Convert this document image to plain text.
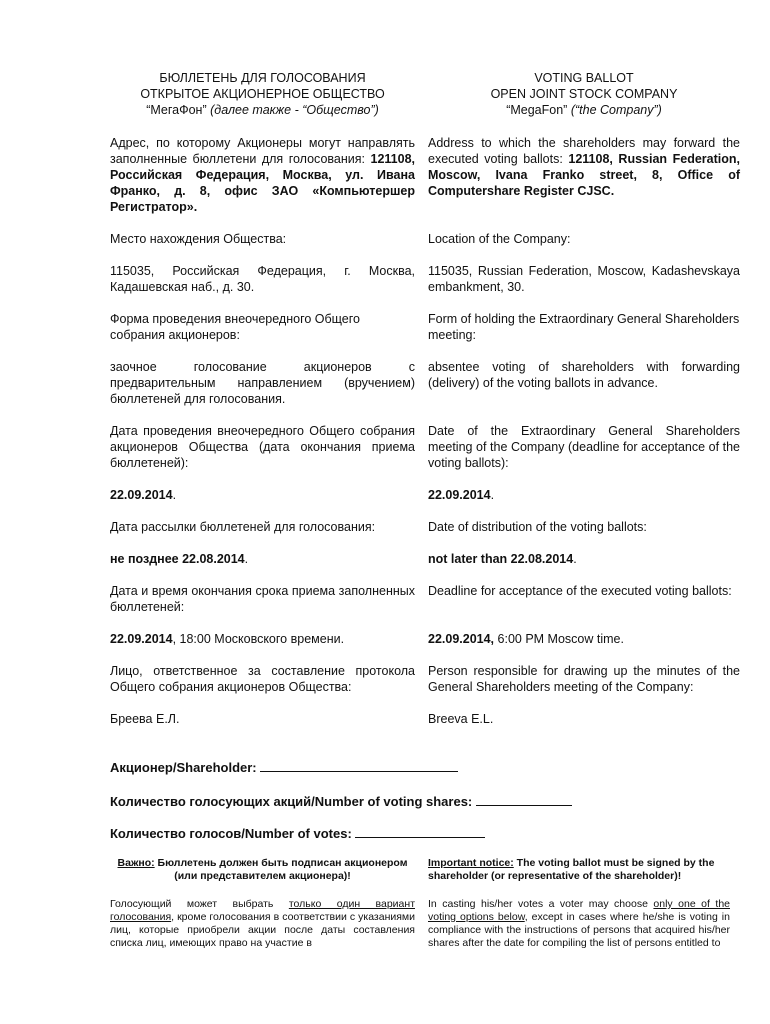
БЮЛЛЕТЕНЬ ДЛЯ ГОЛОСОВАНИЯ

ОТКРЫТОЕ АКЦИОНЕРНОЕ ОБЩЕСТВО

“МегаФон” (далее также - “Общество”)

VOTING BALLOT

OPEN JOINT STOCK COMPANY

“MegaFon” (“the Company”)

Адрес, по которому Акционеры могут направлять заполненные бюллетени для голосования: 121108, Российская Федерация, Москва, ул. Ивана Франко, д. 8, офис ЗАО «Компьютершер Регистратор».
Address to which the shareholders may forward the executed voting ballots: 121108, Russian Federation, Moscow, Ivana Franko street, 8, Office of Computershare Register CJSC.
Место нахождения Общества:	Location of the Company:
115035, Российская Федерация, г. Москва, Кадашевская наб., д. 30.
115035, Russian Federation, Moscow, Kadashevskaya embankment, 30.
Форма проведения внеочередного Общего собрания акционеров:
Form of holding the Extraordinary General Shareholders meeting:
заочное голосование акционеров с предварительным направлением (вручением) бюллетеней для голосования.
absentee voting of shareholders with forwarding (delivery) of the voting ballots in advance.
Дата проведения внеочередного Общего собрания акционеров Общества (дата окончания приема бюллетеней):
Date of the Extraordinary General Shareholders meeting of the Company (deadline for acceptance of the voting ballots):
22.09.2014.	22.09.2014.
Дата рассылки бюллетеней для голосования:	Date of distribution of the voting ballots:
не позднее 22.08.2014.	not later than 22.08.2014.
Дата и время окончания срока приема заполненных бюллетеней:
Deadline for acceptance of the executed voting ballots:
22.09.2014, 18:00 Московского времени.	22.09.2014, 6:00 PM Moscow time.
Лицо, ответственное за составление протокола Общего собрания акционеров Общества:
Person responsible for drawing up the minutes of the General Shareholders meeting of the Company:
Бреева Е.Л.	Breeva E.L.
Акционер/Shareholder:
Количество голосующих акций/Number of voting shares:
Количество голосов/Number of votes:
Важно: Бюллетень должен быть подписан акционером (или представителем акционера)!
Important notice: The voting ballot must be signed by the shareholder (or representative of the shareholder)!
Голосующий может выбрать только один вариант голосования, кроме голосования в соответствии с указаниями лиц, которые приобрели акции после даты составления списка лиц, имеющих право на участие в
In casting his/her votes a voter may choose only one of the voting options below, except in cases where he/she is voting in compliance with the instructions of persons that acquired his/her shares after the date for compiling the list of persons entitled to
